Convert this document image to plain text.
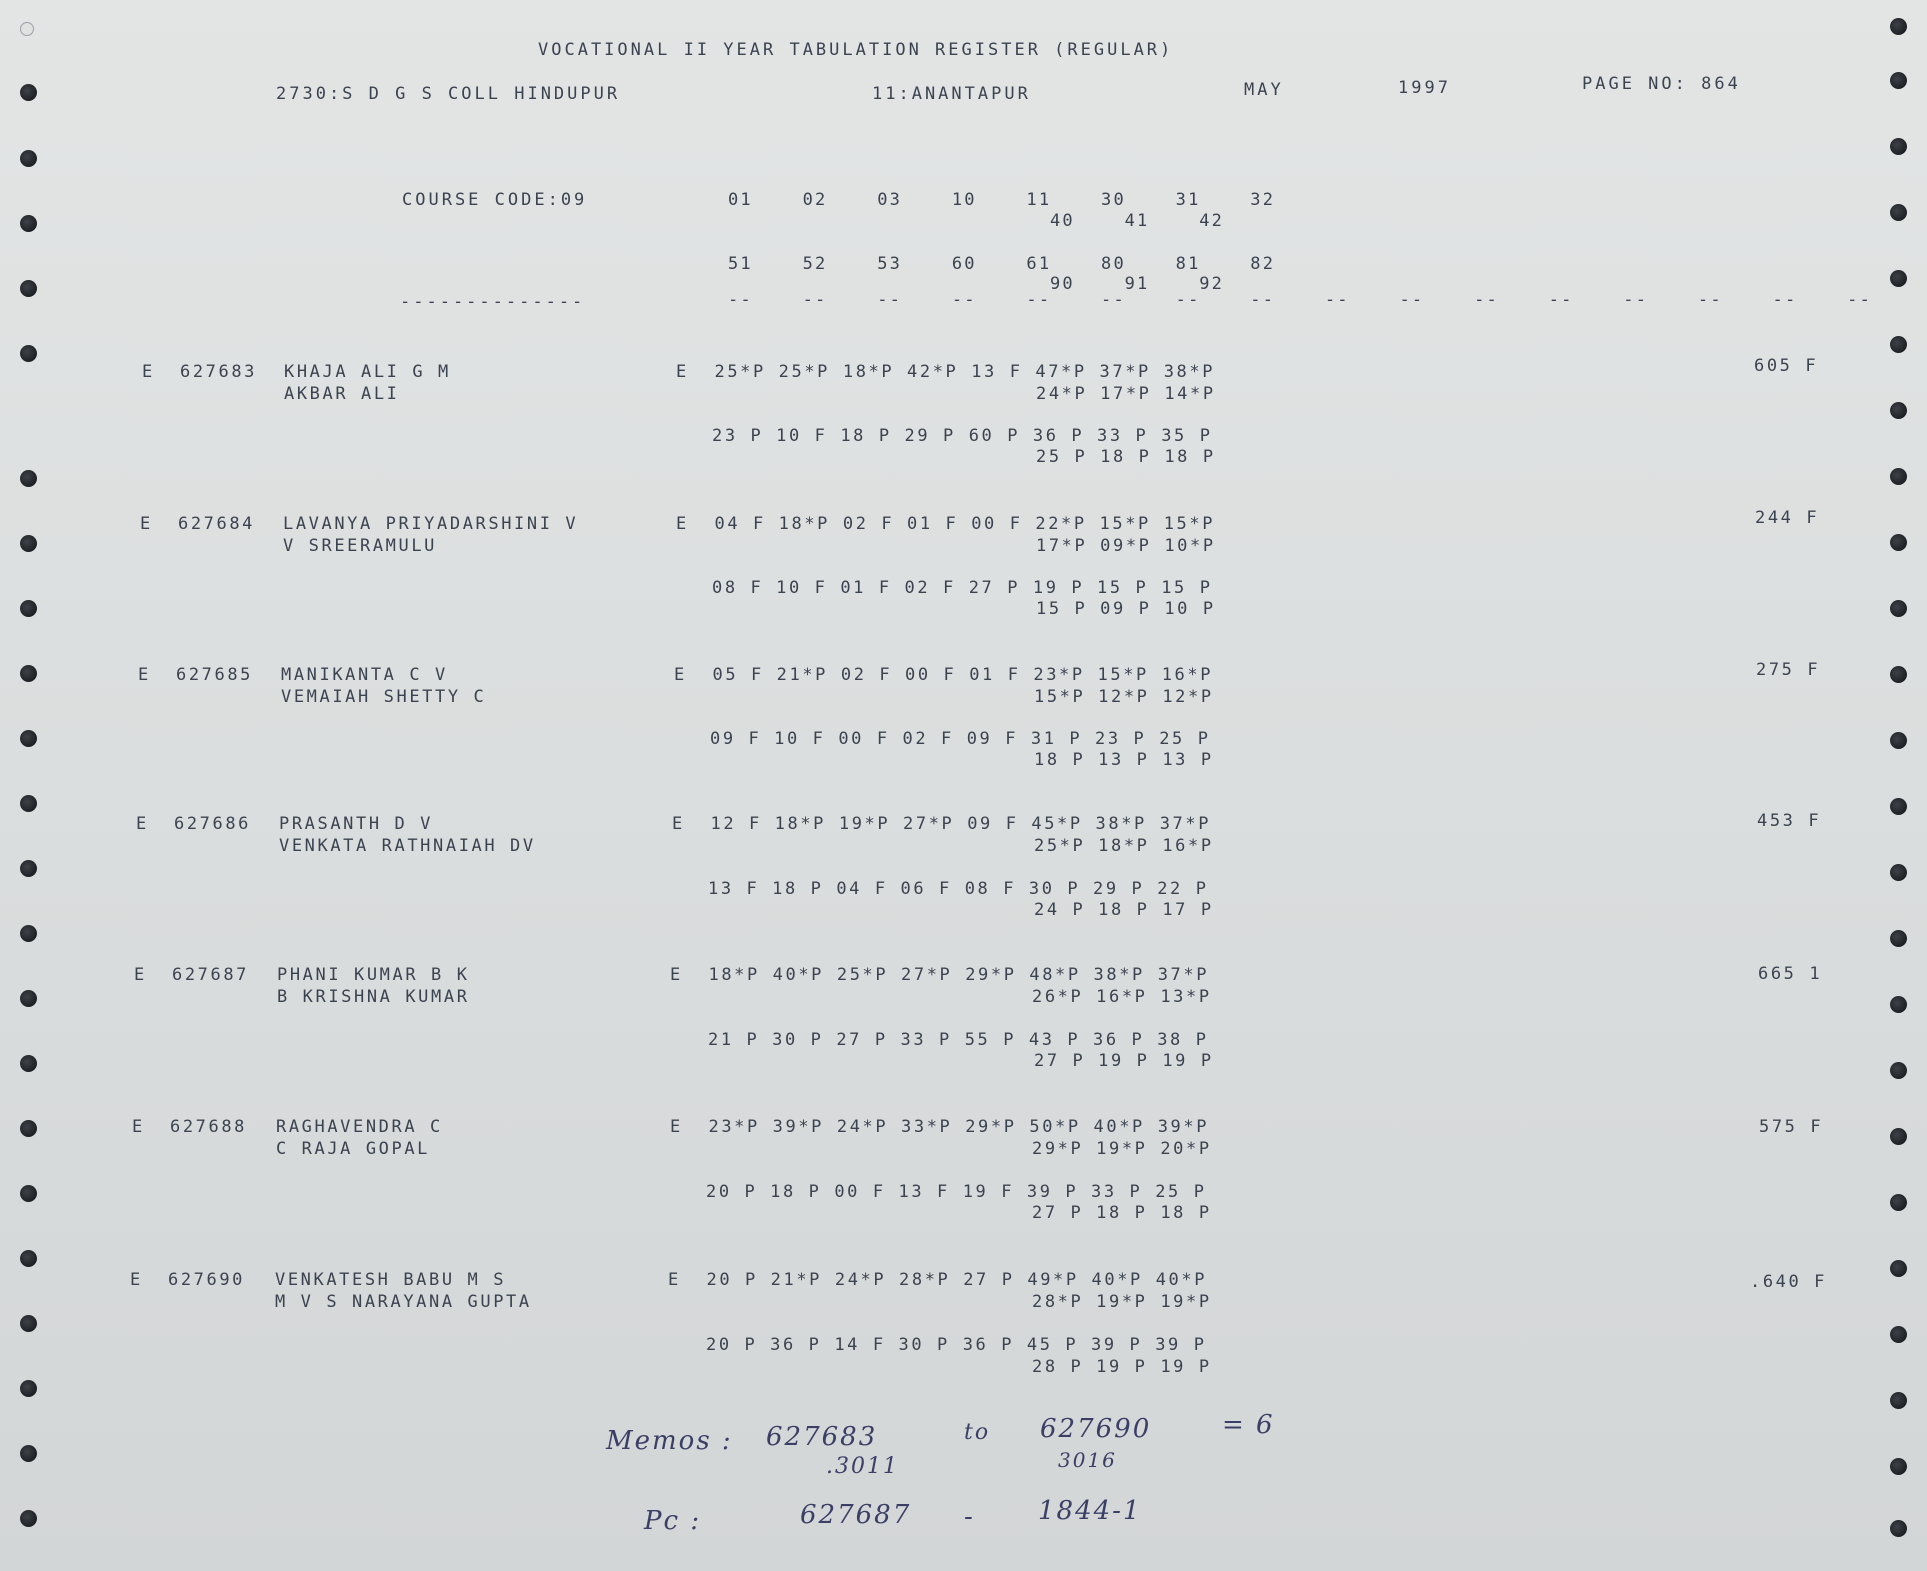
VOCATIONAL II YEAR TABULATION REGISTER (REGULAR)
2730:S D G S COLL HINDUPUR	11:ANANTAPUR	MAY	1997	PAGE NO: 864
COURSE CODE:09	01    02    03    10    11    30    31    32
40    41    42
51    52    53    60    61    80    81    82
90    91    92
--------------	--    --    --    --    --    --    --    --    --    --    --    --    --    --    --    --
E 627683 KHAJA ALI G M
AKBAR ALI
E  25*P 25*P 18*P 42*P 13 F 47*P 37*P 38*P
24*P 17*P 14*P
23 P 10 F 18 P 29 P 60 P 36 P 33 P 35 P
25 P 18 P 18 P
605 F
E 627684 LAVANYA PRIYADARSHINI V
V SREERAMULU
E  04 F 18*P 02 F 01 F 00 F 22*P 15*P 15*P
17*P 09*P 10*P
08 F 10 F 01 F 02 F 27 P 19 P 15 P 15 P
15 P 09 P 10 P
244 F
E 627685 MANIKANTA C V
VEMAIAH SHETTY C
E  05 F 21*P 02 F 00 F 01 F 23*P 15*P 16*P
15*P 12*P 12*P
09 F 10 F 00 F 02 F 09 F 31 P 23 P 25 P
18 P 13 P 13 P
275 F
E 627686 PRASANTH D V
VENKATA RATHNAIAH DV
E  12 F 18*P 19*P 27*P 09 F 45*P 38*P 37*P
25*P 18*P 16*P
13 F 18 P 04 F 06 F 08 F 30 P 29 P 22 P
24 P 18 P 17 P
453 F
E 627687 PHANI KUMAR B K
B KRISHNA KUMAR
E  18*P 40*P 25*P 27*P 29*P 48*P 38*P 37*P
26*P 16*P 13*P
21 P 30 P 27 P 33 P 55 P 43 P 36 P 38 P
27 P 19 P 19 P
665 1
E 627688 RAGHAVENDRA C
C RAJA GOPAL
E  23*P 39*P 24*P 33*P 29*P 50*P 40*P 39*P
29*P 19*P 20*P
20 P 18 P 00 F 13 F 19 F 39 P 33 P 25 P
27 P 18 P 18 P
575 F
E 627690 VENKATESH BABU M S
M V S NARAYANA GUPTA
E  20 P 21*P 24*P 28*P 27 P 49*P 40*P 40*P
28*P 19*P 19*P
20 P 36 P 14 F 30 P 36 P 45 P 39 P 39 P
28 P 19 P 19 P
.640 F
Memos : 627683	to 627690	= 6
.3011	3016
Pc :	627687 - 1844-1
